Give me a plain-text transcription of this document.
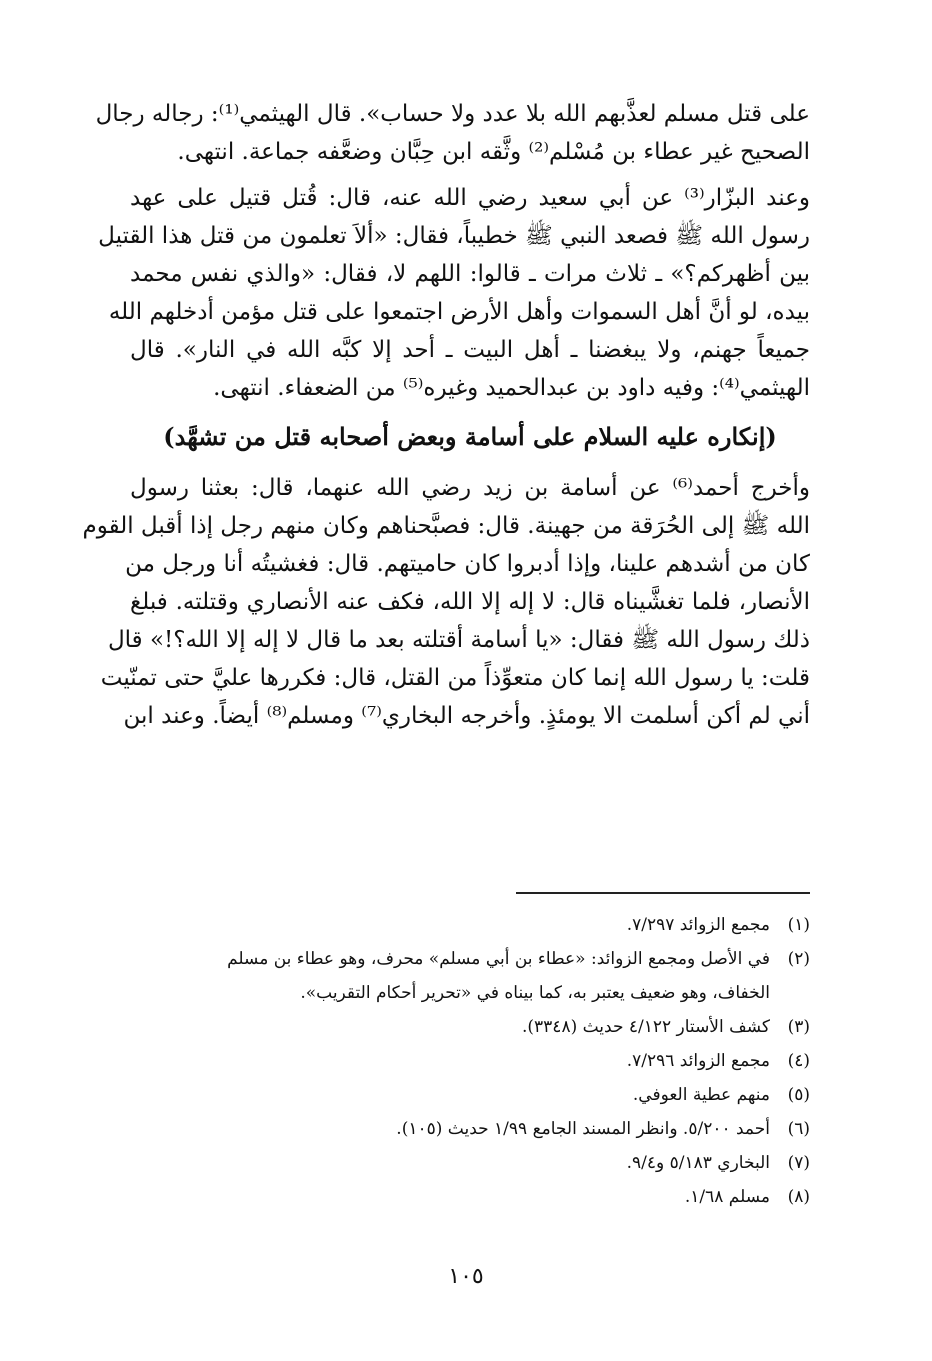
على قتل مسلم لعذَّبهم الله بلا عدد ولا حساب». قال الهيثمي⁽¹⁾: رجاله رجال
الصحيح غير عطاء بن مُسْلم⁽²⁾ وثَّقه ابن حِبَّان وضعَّفه جماعة. انتهى.
وعند البزّار⁽³⁾ عن أبي سعيد رضي الله عنه، قال: قُتل قتيل على عهد
رسول الله ﷺ فصعد النبي ﷺ خطيباً، فقال: «ألاَ تعلمون من قتل هذا القتيل
بين أظهركم؟» ـ ثلاث مرات ـ قالوا: اللهم لا، فقال: «والذي نفس محمد
بيده، لو أنَّ أهل السموات وأهل الأرض اجتمعوا على قتل مؤمن أدخلهم الله
جميعاً جهنم، ولا يبغضنا ـ أهل البيت ـ أحد إلا كبَّه الله في النار». قال
الهيثمي⁽⁴⁾: وفيه داود بن عبدالحميد وغيره⁽⁵⁾ من الضعفاء. انتهى.
(إنكاره عليه السلام على أسامة وبعض أصحابه قتل من تشهَّد)
وأخرج أحمد⁽⁶⁾ عن أسامة بن زيد رضي الله عنهما، قال: بعثنا رسول
الله ﷺ إلى الحُرَقة من جهينة. قال: فصبَّحناهم وكان منهم رجل إذا أقبل القوم
كان من أشدهم علينا، وإذا أدبروا كان حاميتهم. قال: فغشيتُه أنا ورجل من
الأنصار، فلما تغشَّيناه قال: لا إله إلا الله، فكف عنه الأنصاري وقتلته. فبلغ
ذلك رسول الله ﷺ فقال: «يا أسامة أقتلته بعد ما قال لا إله إلا الله؟!» قال
قلت: يا رسول الله إنما كان متعوِّذاً من القتل، قال: فكررها عليَّ حتى تمنّيت
أني لم أكن أسلمت الا يومئذٍ. وأخرجه البخاري⁽⁷⁾ ومسلم⁽⁸⁾ أيضاً. وعند ابن
(١)
مجمع الزوائد ٧/٢٩٧.
(٢)
في الأصل ومجمع الزوائد: «عطاء بن أبي مسلم» محرف، وهو عطاء بن مسلم
الخفاف، وهو ضعيف يعتبر به، كما بيناه في «تحرير أحكام التقريب».
(٣)
كشف الأستار ٤/١٢٢ حديث (٣٣٤٨).
(٤)
مجمع الزوائد ٧/٢٩٦.
(٥)
منهم عطية العوفي.
(٦)
أحمد ٥/٢٠٠. وانظر المسند الجامع ١/٩٩ حديث (١٠٥).
(٧)
البخاري ٥/١٨٣ و٩/٤.
(٨)
مسلم ١/٦٨.
١٠٥
